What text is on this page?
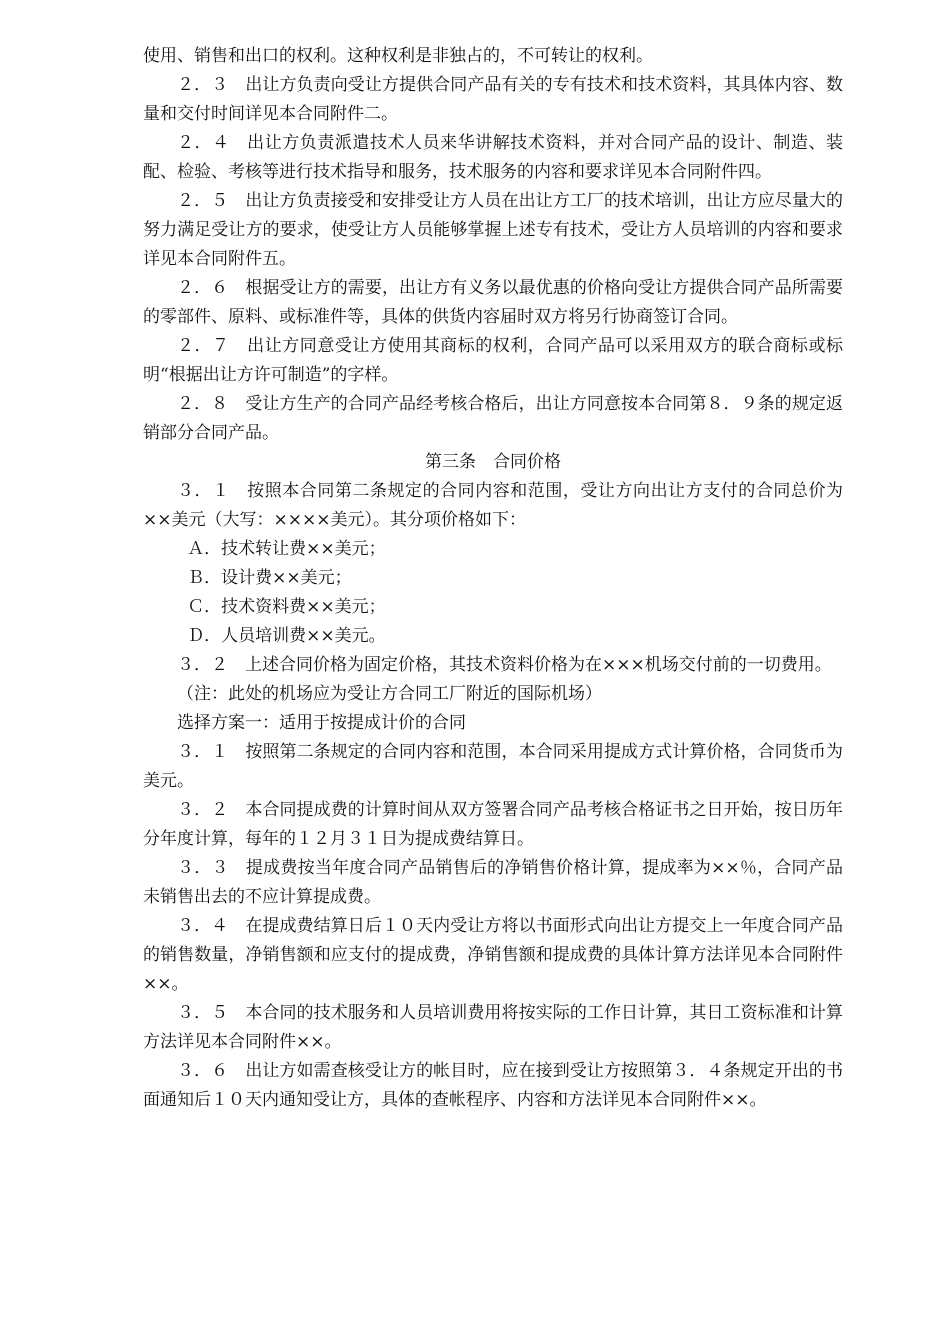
使用、销售和出口的权利。这种权利是非独占的，不可转让的权利。

２．３　出让方负责向受让方提供合同产品有关的专有技术和技术资料，其具体内容、数量和交付时间详见本合同附件二。

２．４　出让方负责派遣技术人员来华讲解技术资料，并对合同产品的设计、制造、装配、检验、考核等进行技术指导和服务，技术服务的内容和要求详见本合同附件四。

２．５　出让方负责接受和安排受让方人员在出让方工厂的技术培训，出让方应尽量大的努力满足受让方的要求，使受让方人员能够掌握上述专有技术，受让方人员培训的内容和要求详见本合同附件五。

２．６　根据受让方的需要，出让方有义务以最优惠的价格向受让方提供合同产品所需要的零部件、原料、或标准件等，具体的供货内容届时双方将另行协商签订合同。

２．７　出让方同意受让方使用其商标的权利，合同产品可以采用双方的联合商标或标明“根据出让方许可制造”的字样。

２．８　受让方生产的合同产品经考核合格后，出让方同意按本合同第８．９条的规定返销部分合同产品。

第三条　合同价格

３．１　按照本合同第二条规定的合同内容和范围，受让方向出让方支付的合同总价为××美元（大写：××××美元）。其分项价格如下：

Ａ．技术转让费××美元；

Ｂ．设计费××美元；

Ｃ．技术资料费××美元；

Ｄ．人员培训费××美元。

３．２　上述合同价格为固定价格，其技术资料价格为在×××机场交付前的一切费用。

（注：此处的机场应为受让方合同工厂附近的国际机场）

选择方案一：适用于按提成计价的合同

３．１　按照第二条规定的合同内容和范围，本合同采用提成方式计算价格，合同货币为美元。

３．２　本合同提成费的计算时间从双方签署合同产品考核合格证书之日开始，按日历年分年度计算，每年的１２月３１日为提成费结算日。

３．３　提成费按当年度合同产品销售后的净销售价格计算，提成率为××％，合同产品未销售出去的不应计算提成费。

３．４　在提成费结算日后１０天内受让方将以书面形式向出让方提交上一年度合同产品的销售数量，净销售额和应支付的提成费，净销售额和提成费的具体计算方法详见本合同附件××。

３．５　本合同的技术服务和人员培训费用将按实际的工作日计算，其日工资标准和计算方法详见本合同附件××。

３．６　出让方如需查核受让方的帐目时，应在接到受让方按照第３．４条规定开出的书面通知后１０天内通知受让方，具体的查帐程序、内容和方法详见本合同附件××。
